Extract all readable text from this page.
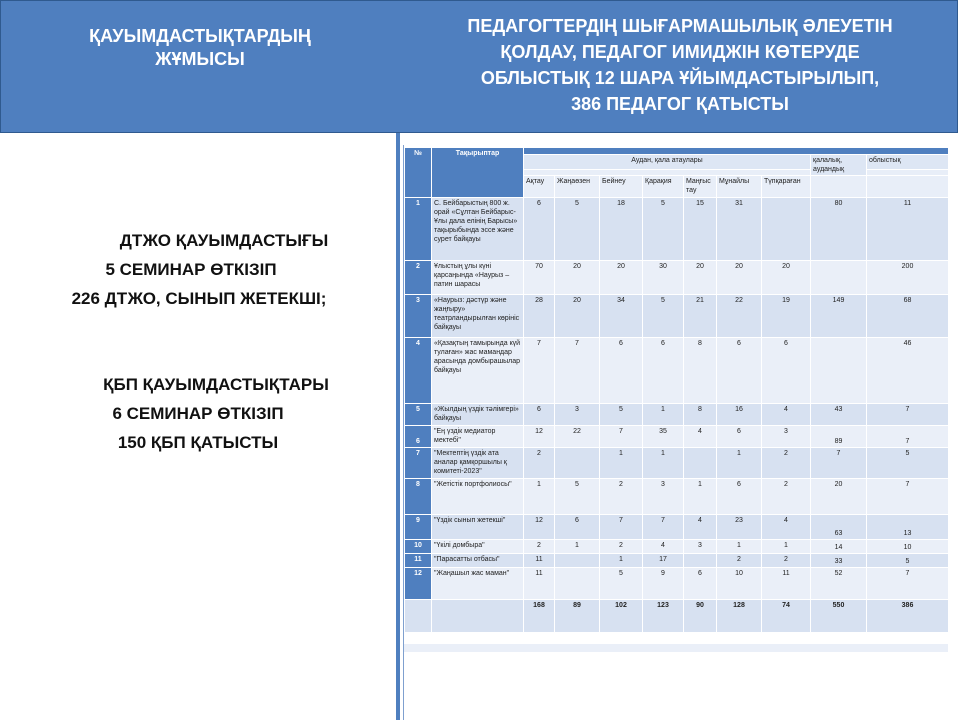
ҚАУЫМДАСТЫҚТАРДЫҢ
ЖҰМЫСЫ
ПЕДАГОГТЕРДІҢ ШЫҒАРМАШЫЛЫҚ ӘЛЕУЕТІН
ҚОЛДАУ, ПЕДАГОГ ИМИДЖІН КӨТЕРУДЕ
ОБЛЫСТЫҚ 12 ШАРА ҰЙЫМДАСТЫРЫЛЫП,
386 ПЕДАГОГ ҚАТЫСТЫ
ДТЖО ҚАУЫМДАСТЫҒЫ
5 СЕМИНАР ӨТКІЗІП
226 ДТЖО, СЫНЫП ЖЕТЕКШІ;
ҚБП ҚАУЫМДАСТЫҚТАРЫ
6 СЕМИНАР ӨТКІЗІП
150 ҚБП ҚАТЫСТЫ
№	Тақырыптар									
		Аудан, қала атаулары							қалалық, аудандық	облыстық

		Ақтау	Жаңаөзен	Бейнеу	Қарақия	Маңғыс тау	Мұнайлы	Түпқараған		
1	С. Бейбарыстың 800 ж. орай «Сұлтан Бейбарыс-Ұлы дала елінің Барысы» тақырыбында эссе және сурет байқауы	6	5	18	5	15	31		80	11
2	Ұлыстың ұлы күні қарсаңында «Наурыз – патин шарасы	70	20	20	30	20	20	20		200
3	«Наурыз: дәстүр және жаңғыру» театрландырылған көрініс байқауы	28	20	34	5	21	22	19	149	68
4	«Қазақтың тамырында күй тулаған» жас мамандар арасында домбырашылар байқауы	7	7	6	6	8	6	6		46
5	«Жылдың үздік тәлімгері» байқауы	6	3	5	1	8	16	4	43	7
6	"Ең үздік медиатор мектебі"	12	22	7	35	4	6	3	89	7
7	"Мектептің үздік ата аналар қамқоршылы қ комитеті-2023"	2		1	1		1	2	7	5
8	"Жетістік портфолиосы"	1	5	2	3	1	6	2	20	7
9	"Үздік сынып жетекші"	12	6	7	7	4	23	4	63	13
10	"Үкілі домбыра"	2	1	2	4	3	1	1	14	10
11	"Парасатты отбасы"	11		1	17		2	2	33	5
12	"Жаңашыл жас маман"	11		5	9	6	10	11	52	7
		168	89	102	123	90	128	74	550	386
